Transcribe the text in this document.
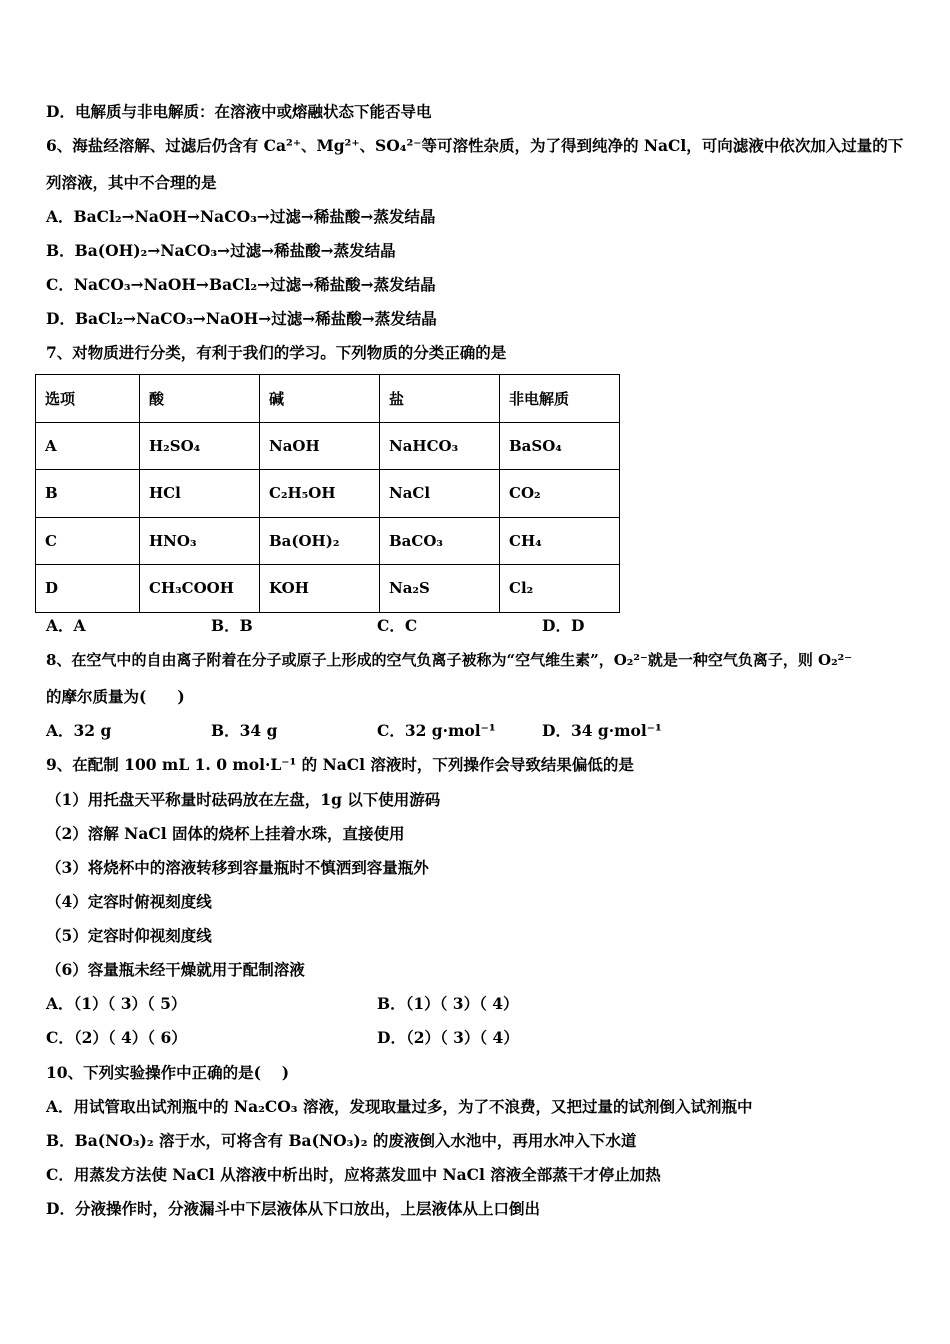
D．电解质与非电解质：在溶液中或熔融状态下能否导电
6、海盐经溶解、过滤后仍含有 Ca²⁺、Mg²⁺、SO₄²⁻等可溶性杂质，为了得到纯净的 NaCl，可向滤液中依次加入过量的下
列溶液，其中不合理的是
A．BaCl₂→NaOH→NaCO₃→过滤→稀盐酸→蒸发结晶
B．Ba(OH)₂→NaCO₃→过滤→稀盐酸→蒸发结晶
C．NaCO₃→NaOH→BaCl₂→过滤→稀盐酸→蒸发结晶
D．BaCl₂→NaCO₃→NaOH→过滤→稀盐酸→蒸发结晶
7、对物质进行分类，有利于我们的学习。下列物质的分类正确的是
选项	酸	碱	盐	非电解质
A	H₂SO₄	NaOH	NaHCO₃	BaSO₄
B	HCl	C₂H₅OH	NaCl	CO₂
C	HNO₃	Ba(OH)₂	BaCO₃	CH₄
D	CH₃COOH	KOH	Na₂S	Cl₂
A．A	B．B	C．C	D．D
8、在空气中的自由离子附着在分子或原子上形成的空气负离子被称为“空气维生素”，O₂²⁻就是一种空气负离子，则 O₂²⁻
的摩尔质量为(　　)
A．32 g	B．34 g	C．32 g·mol⁻¹	D．34 g·mol⁻¹
9、在配制 100 mL 1. 0 mol·L⁻¹ 的 NaCl 溶液时，下列操作会导致结果偏低的是
（1）用托盘天平称量时砝码放在左盘，1g 以下使用游码
（2）溶解 NaCl 固体的烧杯上挂着水珠，直接使用
（3）将烧杯中的溶液转移到容量瓶时不慎洒到容量瓶外
（4）定容时俯视刻度线
（5）定容时仰视刻度线
（6）容量瓶未经干燥就用于配制溶液
A．（1）（ 3）（ 5）	B．（1）（ 3）（ 4）
C．（2）（ 4）（ 6）	D．（2）（ 3）（ 4）
10、下列实验操作中正确的是(　 )
A．用试管取出试剂瓶中的 Na₂CO₃ 溶液，发现取量过多，为了不浪费，又把过量的试剂倒入试剂瓶中
B．Ba(NO₃)₂ 溶于水，可将含有 Ba(NO₃)₂ 的废液倒入水池中，再用水冲入下水道
C．用蒸发方法使 NaCl 从溶液中析出时，应将蒸发皿中 NaCl 溶液全部蒸干才停止加热
D．分液操作时，分液漏斗中下层液体从下口放出，上层液体从上口倒出
